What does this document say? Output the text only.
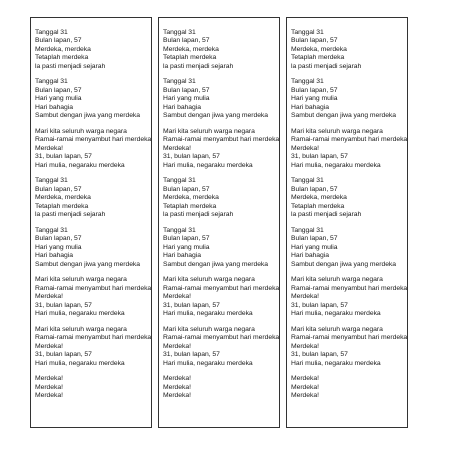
Tanggal 31
Bulan lapan, 57
Merdeka, merdeka
Tetaplah merdeka
la pasti menjadi sejarah
Tanggal 31
Bulan lapan, 57
Hari yang mulia
Hari bahagia
Sambut dengan jiwa yang merdeka
Mari kita seluruh warga negara
Ramai-ramai menyambut hari merdeka
Merdeka!
31, bulan lapan, 57
Hari mulia, negaraku merdeka
Tanggal 31
Bulan lapan, 57
Merdeka, merdeka
Tetaplah merdeka
la pasti menjadi sejarah
Tanggal 31
Bulan lapan, 57
Hari yang mulia
Hari bahagia
Sambut dengan jiwa yang merdeka
Mari kita seluruh warga negara
Ramai-ramai menyambut hari merdeka
Merdeka!
31, bulan lapan, 57
Hari mulia, negaraku merdeka
Mari kita seluruh warga negara
Ramai-ramai menyambut hari merdeka
Merdeka!
31, bulan lapan, 57
Hari mulia, negaraku merdeka
Merdeka!
Merdeka!
Merdeka!
Tanggal 31
Bulan lapan, 57
Merdeka, merdeka
Tetaplah merdeka
la pasti menjadi sejarah
Tanggal 31
Bulan lapan, 57
Hari yang mulia
Hari bahagia
Sambut dengan jiwa yang merdeka
Mari kita seluruh warga negara
Ramai-ramai menyambut hari merdeka
Merdeka!
31, bulan lapan, 57
Hari mulia, negaraku merdeka
Tanggal 31
Bulan lapan, 57
Merdeka, merdeka
Tetaplah merdeka
la pasti menjadi sejarah
Tanggal 31
Bulan lapan, 57
Hari yang mulia
Hari bahagia
Sambut dengan jiwa yang merdeka
Mari kita seluruh warga negara
Ramai-ramai menyambut hari merdeka
Merdeka!
31, bulan lapan, 57
Hari mulia, negaraku merdeka
Mari kita seluruh warga negara
Ramai-ramai menyambut hari merdeka
Merdeka!
31, bulan lapan, 57
Hari mulia, negaraku merdeka
Merdeka!
Merdeka!
Merdeka!
Tanggal 31
Bulan lapan, 57
Merdeka, merdeka
Tetaplah merdeka
la pasti menjadi sejarah
Tanggal 31
Bulan lapan, 57
Hari yang mulia
Hari bahagia
Sambut dengan jiwa yang merdeka
Mari kita seluruh warga negara
Ramai-ramai menyambut hari merdeka
Merdeka!
31, bulan lapan, 57
Hari mulia, negaraku merdeka
Tanggal 31
Bulan lapan, 57
Merdeka, merdeka
Tetaplah merdeka
la pasti menjadi sejarah
Tanggal 31
Bulan lapan, 57
Hari yang mulia
Hari bahagia
Sambut dengan jiwa yang merdeka
Mari kita seluruh warga negara
Ramai-ramai menyambut hari merdeka
Merdeka!
31, bulan lapan, 57
Hari mulia, negaraku merdeka
Mari kita seluruh warga negara
Ramai-ramai menyambut hari merdeka
Merdeka!
31, bulan lapan, 57
Hari mulia, negaraku merdeka
Merdeka!
Merdeka!
Merdeka!
